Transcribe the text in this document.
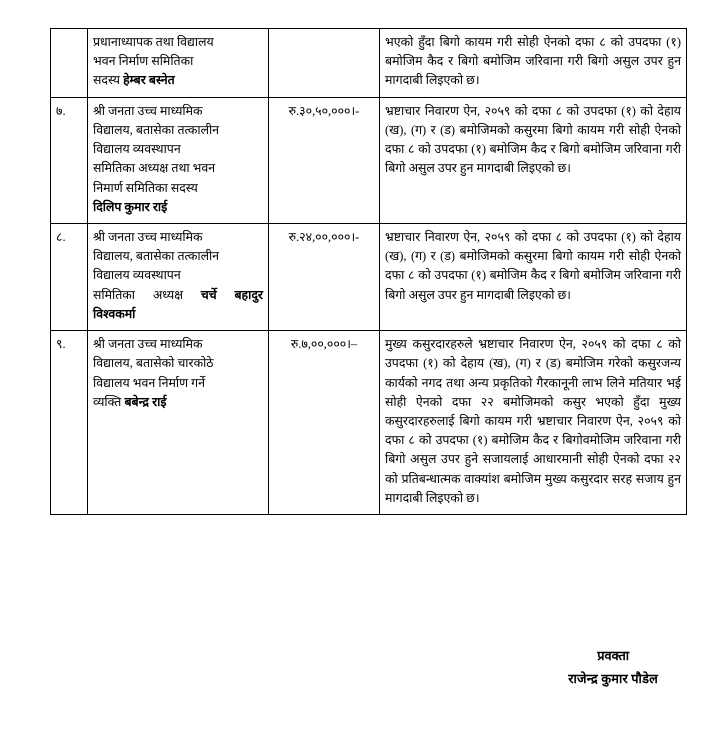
	प्रधानाध्यापक तथा विद्यालय
भवन निर्माण समितिका
सदस्य हेम्बर बस्नेत		भएको हुँदा बिगो कायम गरी सोही ऐनको दफा ८ को उपदफा (१) बमोजिम कैद र बिगो बमोजिम जरिवाना गरी बिगो असुल उपर हुन मागदाबी लिइएको छ।
७.	श्री जनता उच्च माध्यमिक
विद्यालय, बतासेका तत्कालीन
विद्यालय व्यवस्थापन
समितिका अध्यक्ष तथा भवन
निमार्ण समितिका सदस्य
दिलिप कुमार राई	रु.३०,५०,०००।-	भ्रष्टाचार निवारण ऐन, २०५९ को दफा ८ को उपदफा (१) को देहाय (ख), (ग) र (ड) बमोजिमको कसुरमा बिगो कायम गरी सोही ऐनको दफा ८ को उपदफा (१) बमोजिम कैद र बिगो बमोजिम जरिवाना गरी बिगो असुल उपर हुन मागदाबी लिइएको छ।
८.	श्री जनता उच्च माध्यमिक
विद्यालय, बतासेका तत्कालीन
विद्यालय व्यवस्थापन
समितिका अध्यक्ष चर्चे बहादुर विश्वकर्मा	रु.२४,००,०००।-	भ्रष्टाचार निवारण ऐन, २०५९ को दफा ८ को उपदफा (१) को देहाय (ख), (ग) र (ड) बमोजिमको कसुरमा बिगो कायम गरी सोही ऐनको दफा ८ को उपदफा (१) बमोजिम कैद र बिगो बमोजिम जरिवाना गरी बिगो असुल उपर हुन मागदाबी लिइएको छ।
९.	श्री जनता उच्च माध्यमिक
विद्यालय, बतासेको चारकोठे
विद्यालय भवन निर्माण गर्ने
व्यक्ति बबेन्द्र राई	रु.७,००,०००।–	मुख्य कसुरदारहरुले भ्रष्टाचार निवारण ऐन, २०५९ को दफा ८ को उपदफा (१) को देहाय (ख), (ग) र (ड) बमोजिम गरेको कसुरजन्य कार्यको नगद तथा अन्य प्रकृतिको गैरकानूनी लाभ लिने मतियार भई सोही ऐनको दफा २२ बमोजिमको कसुर भएको हुँदा मुख्य कसुरदारहरुलाई बिगो कायम गरी भ्रष्टाचार निवारण ऐन, २०५९ को दफा ८ को उपदफा (१) बमोजिम कैद र बिगोवमोजिम जरिवाना गरी बिगो असुल उपर हुने सजायलाई आधारमानी सोही ऐनको दफा २२ को प्रतिबन्धात्मक वाक्यांश बमोजिम मुख्य कसुरदार सरह सजाय हुन मागदाबी लिइएको छ।
प्रवक्ता
राजेन्द्र कुमार पौडेल
